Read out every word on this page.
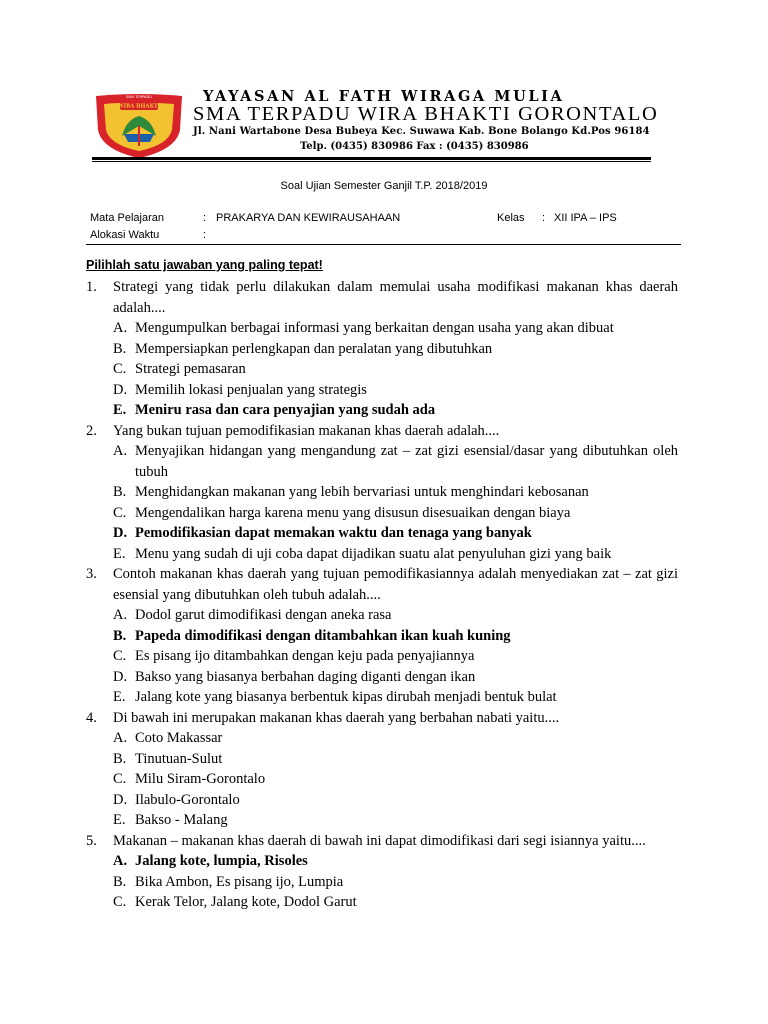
SMA TERPADU
WIRA BHAKTI
GORONTALO
YAYASAN AL FATH WIRAGA MULIA
SMA TERPADU WIRA BHAKTI GORONTALO
Jl. Nani Wartabone Desa Bubeya Kec. Suwawa Kab. Bone Bolango Kd.Pos 96184
Telp. (0435) 830986 Fax : (0435) 830986
Soal Ujian Semester Ganjil T.P. 2018/2019
Mata Pelajaran	: PRAKARYA DAN KEWIRAUSAHAAN	Kelas : XII IPA – IPS
Alokasi Waktu	:
Pilihlah satu jawaban yang paling tepat!
1.	Strategi yang tidak perlu dilakukan dalam memulai usaha modifikasi makanan khas daerah adalah....
A. Mengumpulkan berbagai informasi yang berkaitan dengan usaha yang akan dibuat
B. Mempersiapkan perlengkapan dan peralatan yang dibutuhkan
C. Strategi pemasaran
D. Memilih lokasi penjualan yang strategis
E. Meniru rasa dan cara penyajian yang sudah ada
2.	Yang bukan tujuan pemodifikasian makanan khas daerah adalah....
A. Menyajikan hidangan yang mengandung zat – zat gizi esensial/dasar yang dibutuhkan oleh tubuh
B. Menghidangkan makanan yang lebih bervariasi untuk menghindari kebosanan
C. Mengendalikan harga karena menu yang disusun disesuaikan dengan biaya
D. Pemodifikasian dapat memakan waktu dan tenaga yang banyak
E. Menu yang sudah di uji coba dapat dijadikan suatu alat penyuluhan gizi yang baik
3.	Contoh makanan khas daerah yang tujuan pemodifikasiannya adalah menyediakan zat – zat gizi esensial yang dibutuhkan oleh tubuh adalah....
A. Dodol garut dimodifikasi dengan aneka rasa
B. Papeda dimodifikasi dengan ditambahkan ikan kuah kuning
C. Es pisang ijo ditambahkan dengan keju pada penyajiannya
D. Bakso yang biasanya berbahan daging diganti dengan ikan
E. Jalang kote yang biasanya berbentuk kipas dirubah menjadi bentuk bulat
4.	Di bawah ini merupakan makanan khas daerah yang berbahan nabati yaitu....
A. Coto Makassar
B. Tinutuan-Sulut
C. Milu Siram-Gorontalo
D. Ilabulo-Gorontalo
E. Bakso - Malang
5.	Makanan – makanan khas daerah di bawah ini dapat dimodifikasi dari segi isiannya yaitu....
A. Jalang kote, lumpia, Risoles
B. Bika Ambon, Es pisang ijo, Lumpia
C. Kerak Telor, Jalang kote, Dodol Garut
